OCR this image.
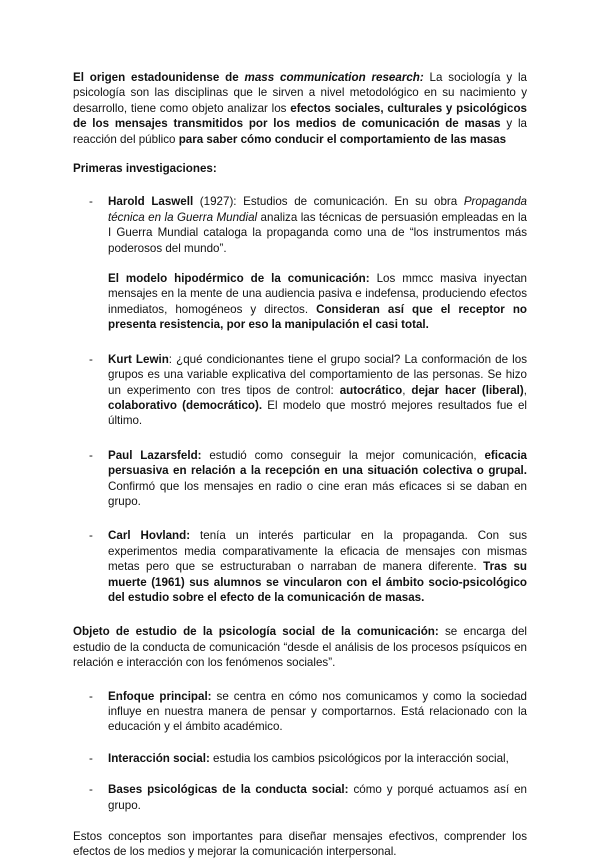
El origen estadounidense de mass communication research: La sociología y la psicología son las disciplinas que le sirven a nivel metodológico en su nacimiento y desarrollo, tiene como objeto analizar los efectos sociales, culturales y psicológicos de los mensajes transmitidos por los medios de comunicación de masas y la reacción del público para saber cómo conducir el comportamiento de las masas

Primeras investigaciones:

- Harold Laswell (1927): Estudios de comunicación. En su obra Propaganda técnica en la Guerra Mundial analiza las técnicas de persuasión empleadas en la I Guerra Mundial cataloga la propaganda como una de “los instrumentos más poderosos del mundo”.

El modelo hipodérmico de la comunicación: Los mmcc masiva inyectan mensajes en la mente de una audiencia pasiva e indefensa, produciendo efectos inmediatos, homogéneos y directos. Consideran así que el receptor no presenta resistencia, por eso la manipulación el casi total.

- Kurt Lewin: ¿qué condicionantes tiene el grupo social? La conformación de los grupos es una variable explicativa del comportamiento de las personas. Se hizo un experimento con tres tipos de control: autocrático, dejar hacer (liberal), colaborativo (democrático). El modelo que mostró mejores resultados fue el último.

- Paul Lazarsfeld: estudió como conseguir la mejor comunicación, eficacia persuasiva en relación a la recepción en una situación colectiva o grupal. Confirmó que los mensajes en radio o cine eran más eficaces si se daban en grupo.

- Carl Hovland: tenía un interés particular en la propaganda. Con sus experimentos media comparativamente la eficacia de mensajes con mismas metas pero que se estructuraban o narraban de manera diferente. Tras su muerte (1961) sus alumnos se vincularon con el ámbito socio-psicológico del estudio sobre el efecto de la comunicación de masas.

Objeto de estudio de la psicología social de la comunicación: se encarga del estudio de la conducta de comunicación “desde el análisis de los procesos psíquicos en relación e interacción con los fenómenos sociales”.

- Enfoque principal: se centra en cómo nos comunicamos y como la sociedad influye en nuestra manera de pensar y comportarnos. Está relacionado con la educación y el ámbito académico.

- Interacción social: estudia los cambios psicológicos por la interacción social,

- Bases psicológicas de la conducta social: cómo y porqué actuamos así en grupo.

Estos conceptos son importantes para diseñar mensajes efectivos, comprender los efectos de los medios y mejorar la comunicación interpersonal.
